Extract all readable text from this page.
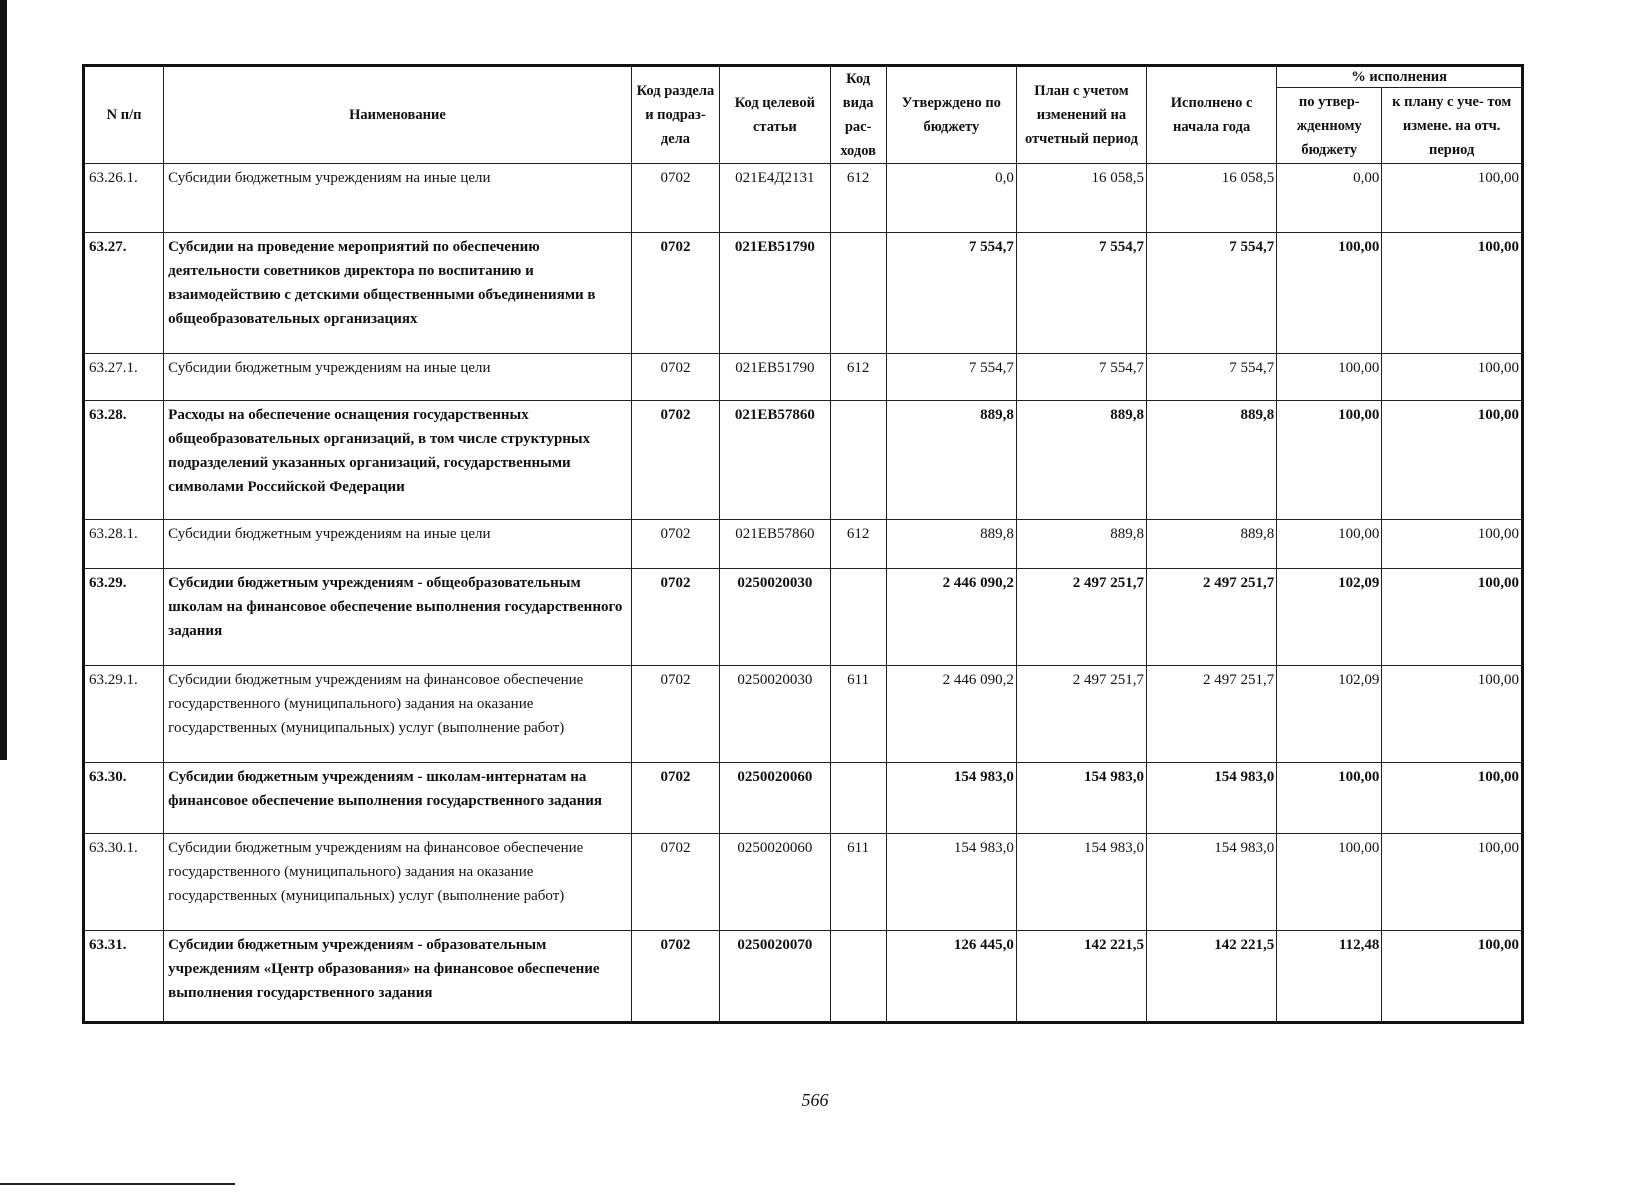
N п/п	Наименование	Код раздела и подраз- дела	Код целевой статьи	Код вида рас- ходов	Утверждено по бюджету	План с учетом изменений на отчетный период	Исполнено с начала года	% исполнения	
								по утвер- жденному бюджету	к плану с уче- том измене. на отч. период
63.26.1.	Субсидии бюджетным учреждениям на иные цели	0702	021Е4Д2131	612	0,0	16 058,5	16 058,5	0,00	100,00
63.27.	Субсидии на проведение мероприятий по обеспечению деятельности советников директора по воспитанию и взаимодействию с детскими общественными объединениями в общеобразовательных организациях	0702	021ЕВ51790		7 554,7	7 554,7	7 554,7	100,00	100,00
63.27.1.	Субсидии бюджетным учреждениям на иные цели	0702	021ЕВ51790	612	7 554,7	7 554,7	7 554,7	100,00	100,00
63.28.	Расходы на обеспечение оснащения государственных общеобразовательных организаций, в том числе структурных подразделений указанных организаций, государственными символами Российской Федерации	0702	021ЕВ57860		889,8	889,8	889,8	100,00	100,00
63.28.1.	Субсидии бюджетным учреждениям на иные цели	0702	021ЕВ57860	612	889,8	889,8	889,8	100,00	100,00
63.29.	Субсидии бюджетным учреждениям - общеобразовательным школам на финансовое обеспечение выполнения государственного задания	0702	0250020030		2 446 090,2	2 497 251,7	2 497 251,7	102,09	100,00
63.29.1.	Субсидии бюджетным учреждениям на финансовое обеспечение государственного (муниципального) задания на оказание государственных (муниципальных) услуг (выполнение работ)	0702	0250020030	611	2 446 090,2	2 497 251,7	2 497 251,7	102,09	100,00
63.30.	Субсидии бюджетным учреждениям - школам-интернатам на финансовое обеспечение выполнения государственного задания	0702	0250020060		154 983,0	154 983,0	154 983,0	100,00	100,00
63.30.1.	Субсидии бюджетным учреждениям на финансовое обеспечение государственного (муниципального) задания на оказание государственных (муниципальных) услуг (выполнение работ)	0702	0250020060	611	154 983,0	154 983,0	154 983,0	100,00	100,00
63.31.	Субсидии бюджетным учреждениям - образовательным учреждениям «Центр образования» на финансовое обеспечение выполнения государственного задания	0702	0250020070		126 445,0	142 221,5	142 221,5	112,48	100,00
566
